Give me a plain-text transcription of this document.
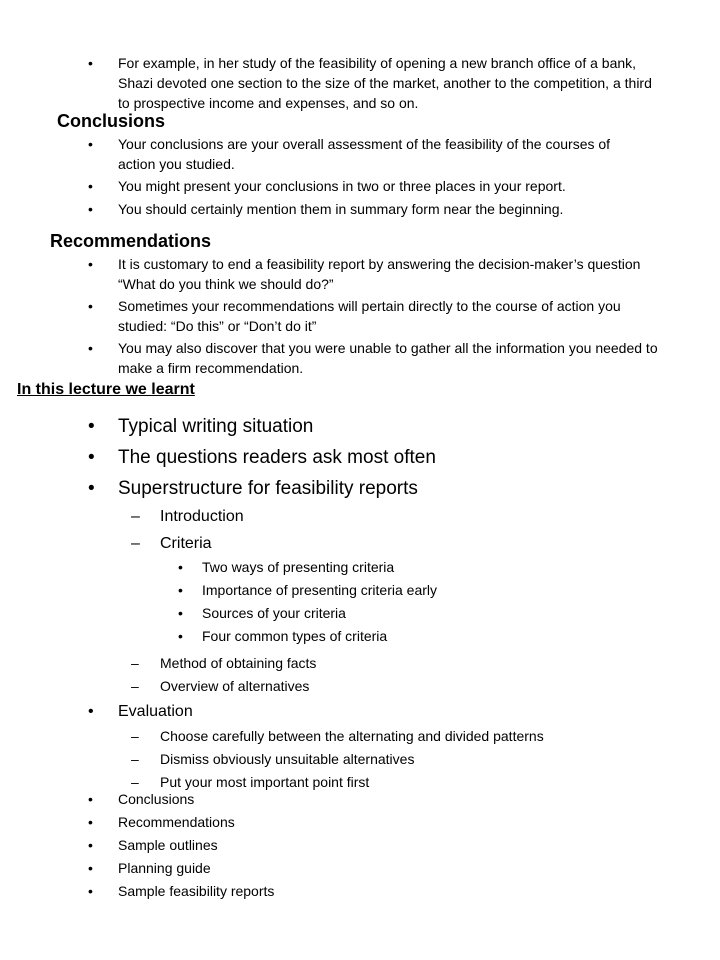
• For example, in her study of the feasibility of opening a new branch office of a bank, Shazi devoted one section to the size of the market, another to the competition, a third to prospective income and expenses, and so on.
Conclusions
• Your conclusions are your overall assessment of the feasibility of the courses of action you studied.
• You might present your conclusions in two or three places in your report.
• You should certainly mention them in summary form near the beginning.
Recommendations
• It is customary to end a feasibility report by answering the decision-maker’s question “What do you think we should do?”
• Sometimes your recommendations will pertain directly to the course of action you studied: “Do this” or “Don’t do it”
• You may also discover that you were unable to gather all the information you needed to make a firm recommendation.
In this lecture we learnt
• Typical writing situation
• The questions readers ask most often
• Superstructure for feasibility reports
– Introduction
– Criteria
• Two ways of presenting criteria
• Importance of presenting criteria early
• Sources of your criteria
• Four common types of criteria
– Method of obtaining facts
– Overview of alternatives
• Evaluation
– Choose carefully between the alternating and divided patterns
– Dismiss obviously unsuitable alternatives
– Put your most important point first
• Conclusions
• Recommendations
• Sample outlines
• Planning guide
• Sample feasibility reports
